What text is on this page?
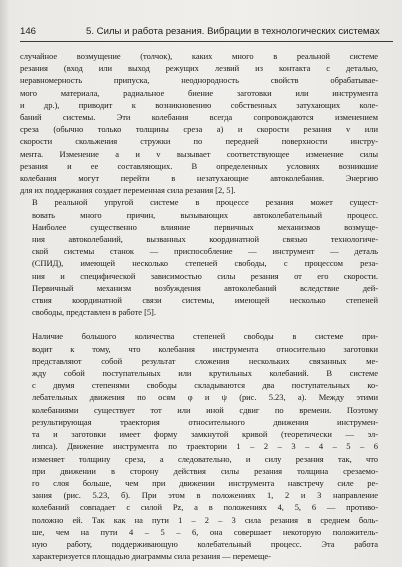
146	5. Силы и работа резания. Вибрации в технологических системах

случайное возмущение (толчок), каких много в реальной системе
резания (вход или выход режущих лезвий из контакта с деталью,
неравномерность припуска, неоднородность свойств обрабатывае-
мого материала, радиальное биение заготовки или инструмента
и др.), приводит к возникновению собственных затухающих коле-
баний системы. Эти колебания всегда сопровождаются изменением
среза (обычно только толщины среза a) и скорости резания v или
скорости скольжения стружки по передней поверхности инстру-
мента. Изменение a и v вызывает соответствующее изменение силы
резания и ее составляющих. В определенных условиях возникшие
колебания могут перейти в незатухающие автоколебания. Энергию
для их поддержания создает переменная сила резания [2, 5].

В реальной упругой системе в процессе резания может сущест-
вовать много причин, вызывающих автоколебательный процесс.
Наиболее существенно влияние первичных механизмов возмуще-
ния автоколебаний, вызванных координатной связью технологиче-
ской системы станок — приспособление — инструмент — деталь
(СПИД), имеющей несколько степеней свободы, с процессом реза-
ния и специфической зависимостью силы резания от его скорости.
Первичный механизм возбуждения автоколебаний вследствие дей-
ствия координатной связи системы, имеющей несколько степеней
свободы, представлен в работе [5].

Наличие большого количества степеней свободы в системе при-
водит к тому, что колебания инструмента относительно заготовки
представляют собой результат сложения нескольких связанных ме-
жду собой поступательных или крутильных колебаний. В системе
с двумя степенями свободы складываются два поступательных ко-
лебательных движения по осям φ и ψ (рис. 5.23, a). Между этими
колебаниями существует тот или иной сдвиг по времени. Поэтому
результирующая траектория относительного движения инструмен-
та и заготовки имеет форму замкнутой кривой (теоретически — эл-
липса). Движение инструмента по траектории 1 – 2 – 3 – 4 – 5 – 6
изменяет толщину среза, а следовательно, и силу резания так, что
при движении в сторону действия силы резания толщина срезаемо-
го слоя больше, чем при движении инструмента навстречу силе ре-
зания (рис. 5.23, б). При этом в положениях 1, 2 и 3 направление
колебаний совпадает с силой Pz, а в положениях 4, 5, 6 — противо-
положно ей. Так как на пути 1 – 2 – 3 сила резания в среднем боль-
ше, чем на пути 4 – 5 – 6, она совершает некоторую положитель-
ную работу, поддерживающую колебательный процесс. Эта работа
характеризуется площадью диаграммы сила резания — перемеще-
